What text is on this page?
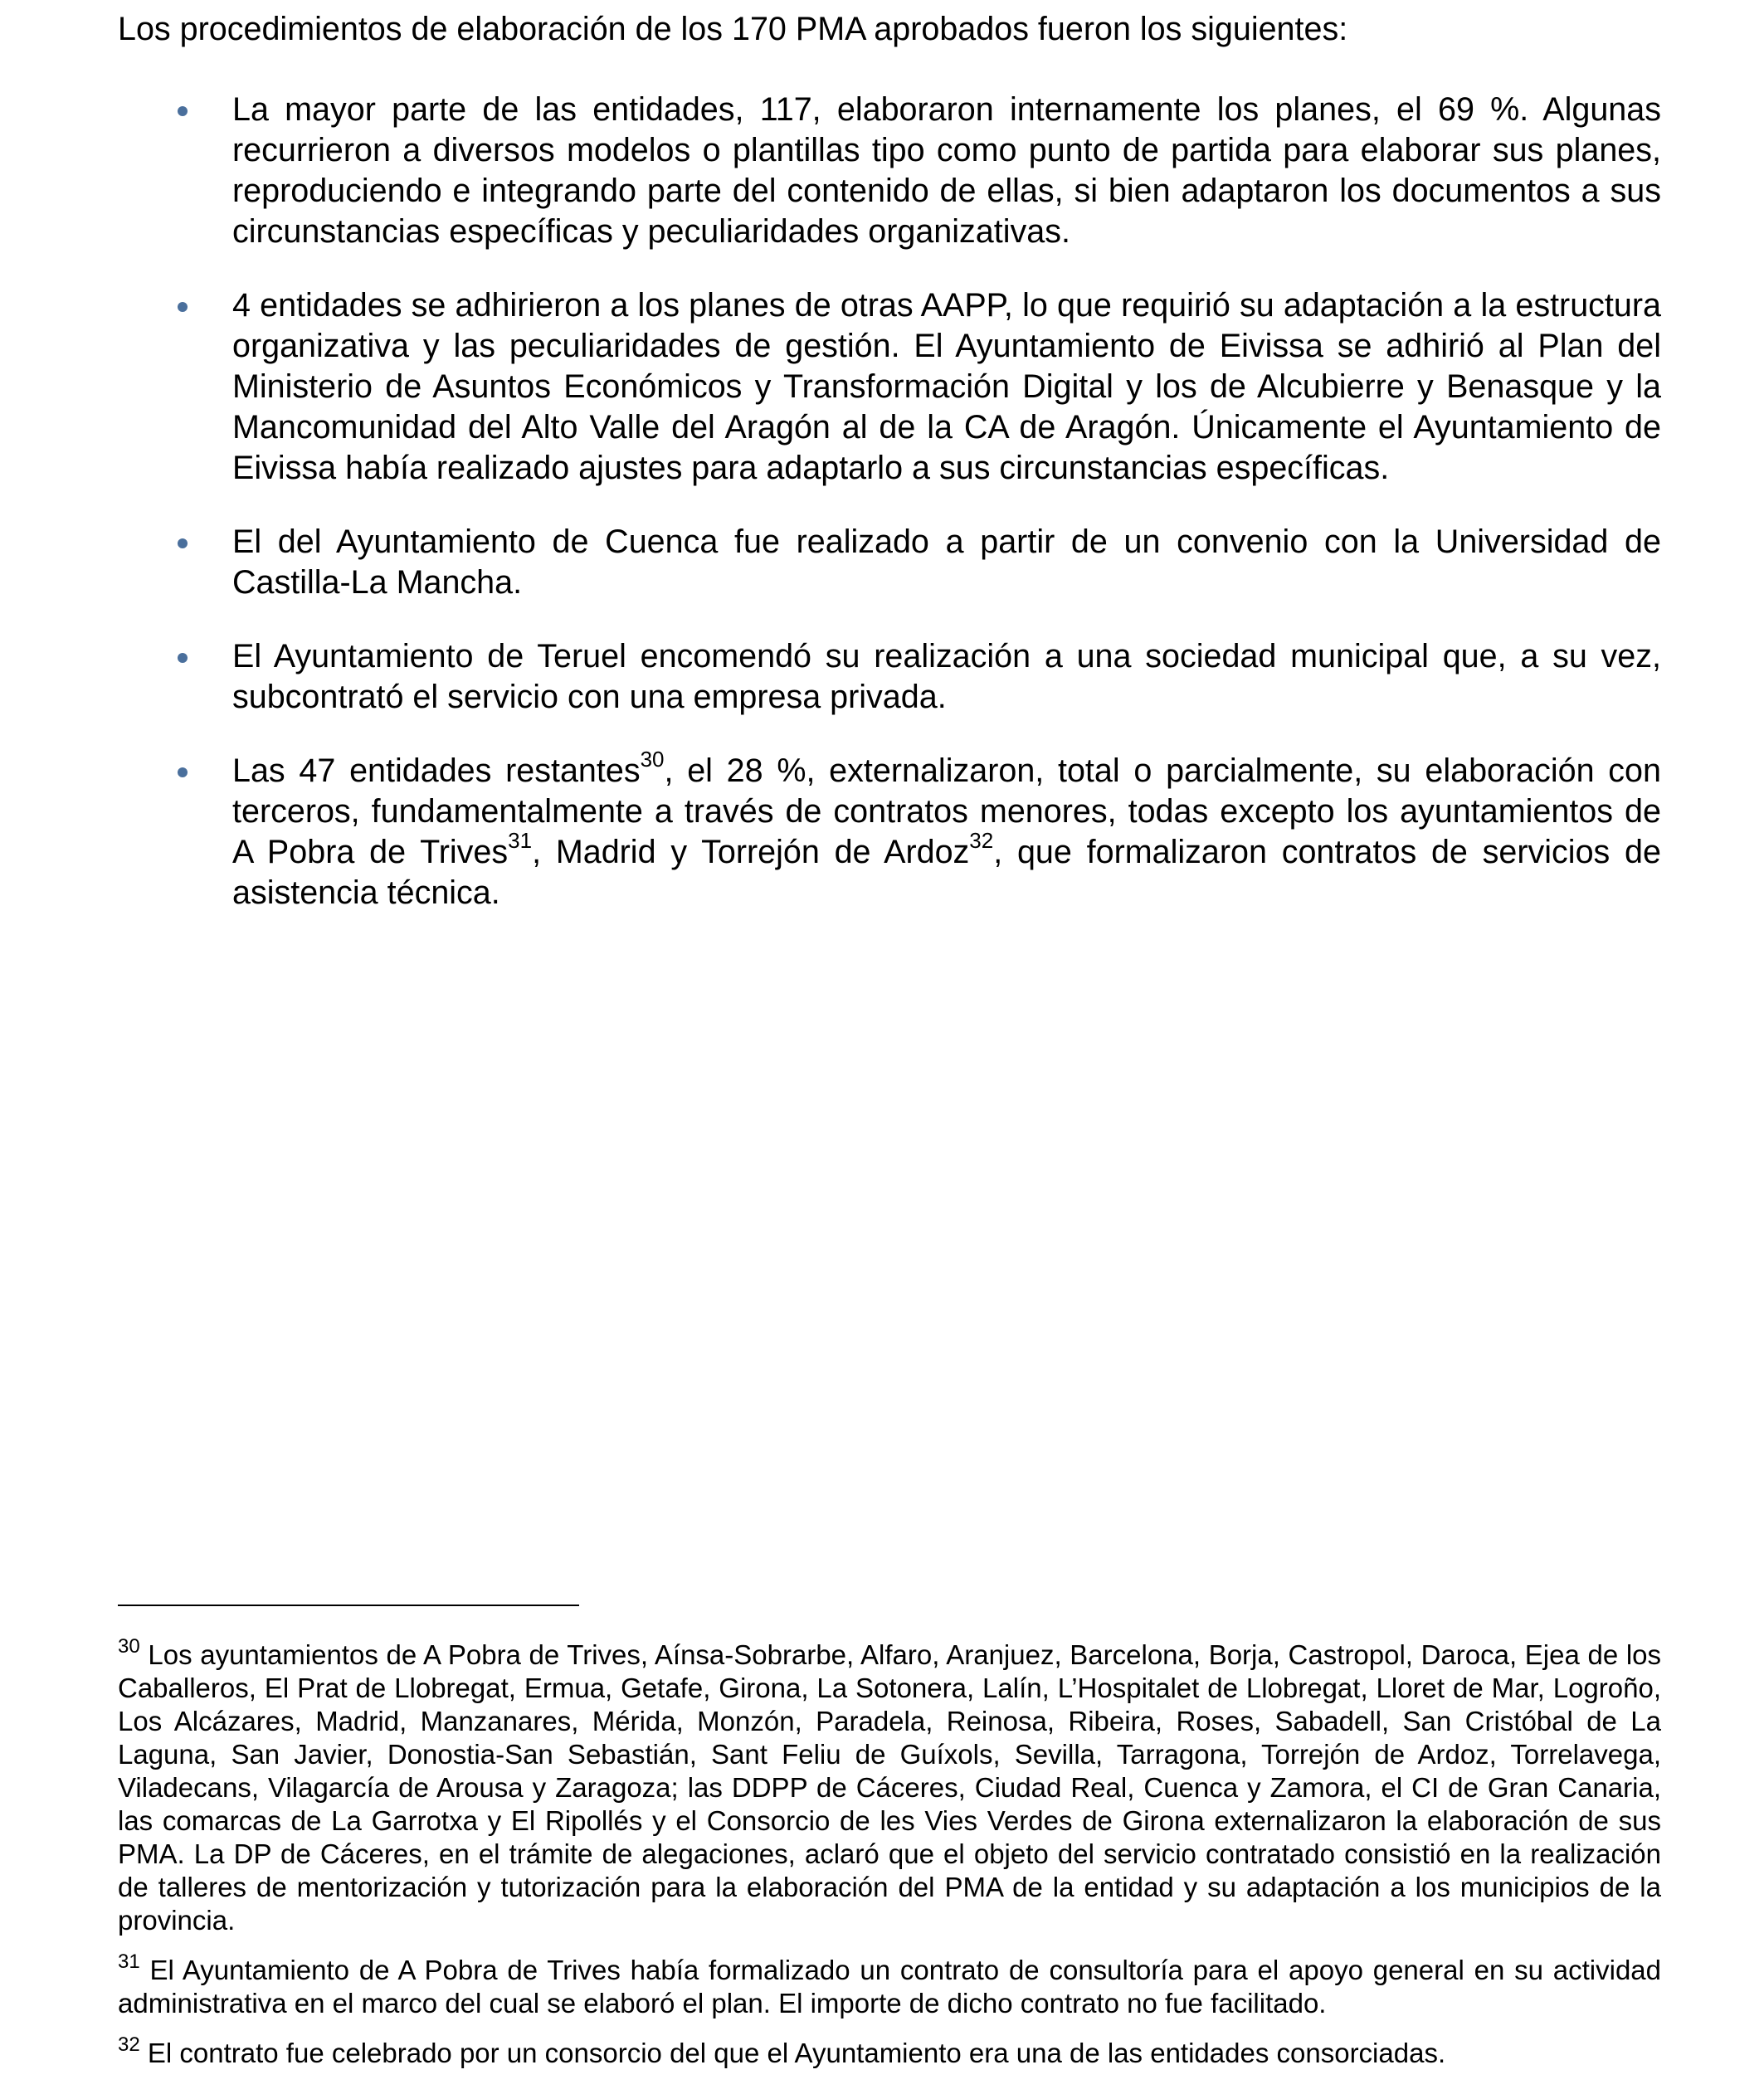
Los procedimientos de elaboración de los 170 PMA aprobados fueron los siguientes:

La mayor parte de las entidades, 117, elaboraron internamente los planes, el 69 %. Algunas recurrieron a diversos modelos o plantillas tipo como punto de partida para elaborar sus planes, reproduciendo e integrando parte del contenido de ellas, si bien adaptaron los documentos a sus circunstancias específicas y peculiaridades organizativas.
4 entidades se adhirieron a los planes de otras AAPP, lo que requirió su adaptación a la estructura organizativa y las peculiaridades de gestión. El Ayuntamiento de Eivissa se adhirió al Plan del Ministerio de Asuntos Económicos y Transformación Digital y los de Alcubierre y Benasque y la Mancomunidad del Alto Valle del Aragón al de la CA de Aragón. Únicamente el Ayuntamiento de Eivissa había realizado ajustes para adaptarlo a sus circunstancias específicas.
El del Ayuntamiento de Cuenca fue realizado a partir de un convenio con la Universidad de Castilla-La Mancha.
El Ayuntamiento de Teruel encomendó su realización a una sociedad municipal que, a su vez, subcontrató el servicio con una empresa privada.
Las 47 entidades restantes$^{30}$, el 28 %, externalizaron, total o parcialmente, su elaboración con terceros, fundamentalmente a través de contratos menores, todas excepto los ayuntamientos de A Pobra de Trives$^{31}$, Madrid y Torrejón de Ardoz$^{32}$, que formalizaron contratos de servicios de asistencia técnica.

$^{30}$ Los ayuntamientos de A Pobra de Trives, Aínsa-Sobrarbe, Alfaro, Aranjuez, Barcelona, Borja, Castropol, Daroca, Ejea de los Caballeros, El Prat de Llobregat, Ermua, Getafe, Girona, La Sotonera, Lalín, L’Hospitalet de Llobregat, Lloret de Mar, Logroño, Los Alcázares, Madrid, Manzanares, Mérida, Monzón, Paradela, Reinosa, Ribeira, Roses, Sabadell, San Cristóbal de La Laguna, San Javier, Donostia-San Sebastián, Sant Feliu de Guíxols, Sevilla, Tarragona, Torrejón de Ardoz, Torrelavega, Viladecans, Vilagarcía de Arousa y Zaragoza; las DDPP de Cáceres, Ciudad Real, Cuenca y Zamora, el CI de Gran Canaria, las comarcas de La Garrotxa y El Ripollés y el Consorcio de les Vies Verdes de Girona externalizaron la elaboración de sus PMA. La DP de Cáceres, en el trámite de alegaciones, aclaró que el objeto del servicio contratado consistió en la realización de talleres de mentorización y tutorización para la elaboración del PMA de la entidad y su adaptación a los municipios de la provincia.

$^{31}$ El Ayuntamiento de A Pobra de Trives había formalizado un contrato de consultoría para el apoyo general en su actividad administrativa en el marco del cual se elaboró el plan. El importe de dicho contrato no fue facilitado.

$^{32}$ El contrato fue celebrado por un consorcio del que el Ayuntamiento era una de las entidades consorciadas.
